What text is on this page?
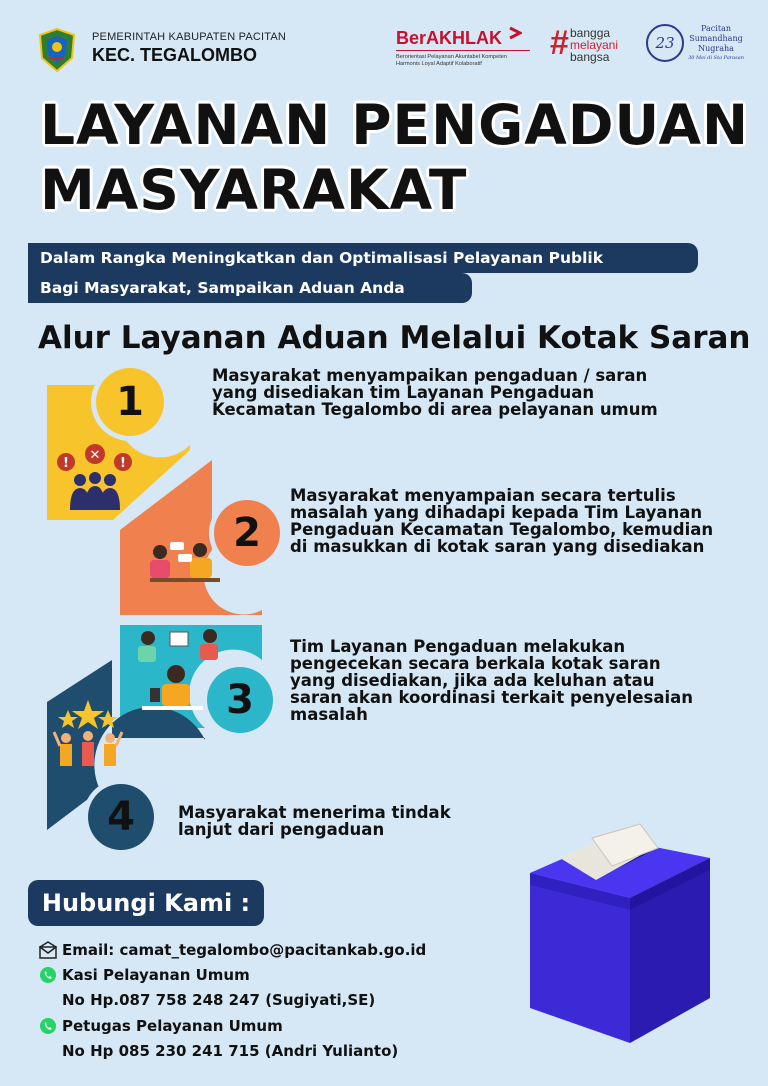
PEMERINTAH KABUPATEN PACITAN
KEC. TEGALOMBO
BerAKHLAK
Berorientasi Pelayanan Akuntabel Kompeten
Harmonis Loyal Adaptif Kolaboratif
# bangga
melayani
bangsa
23
Pacitan
Sumandhang
Nugraha
30 Mei di Sta Parasan
LAYANAN PENGADUAN
MASYARAKAT
Dalam Rangka Meningkatkan dan Optimalisasi Pelayanan Publik
Bagi Masyarakat, Sampaikan Aduan Anda
Alur Layanan Aduan Melalui Kotak Saran
!
✕
!
1
2
3
4
Masyarakat menyampaikan pengaduan / saran
yang disediakan tim Layanan Pengaduan
Kecamatan Tegalombo di area pelayanan umum
Masyarakat menyampaian secara tertulis
masalah yang dihadapi kepada Tim Layanan
Pengaduan Kecamatan Tegalombo, kemudian
di masukkan di kotak saran yang disediakan
Tim Layanan Pengaduan melakukan
pengecekan secara berkala kotak saran
yang disediakan, jika ada keluhan atau
saran akan koordinasi terkait penyelesaian
masalah
Masyarakat menerima tindak
lanjut dari pengaduan
Hubungi Kami :
Email: camat_tegalombo@pacitankab.go.id
Kasi Pelayanan Umum
No Hp.087 758 248 247 (Sugiyati,SE)
Petugas Pelayanan Umum
No Hp 085 230 241 715 (Andri Yulianto)
